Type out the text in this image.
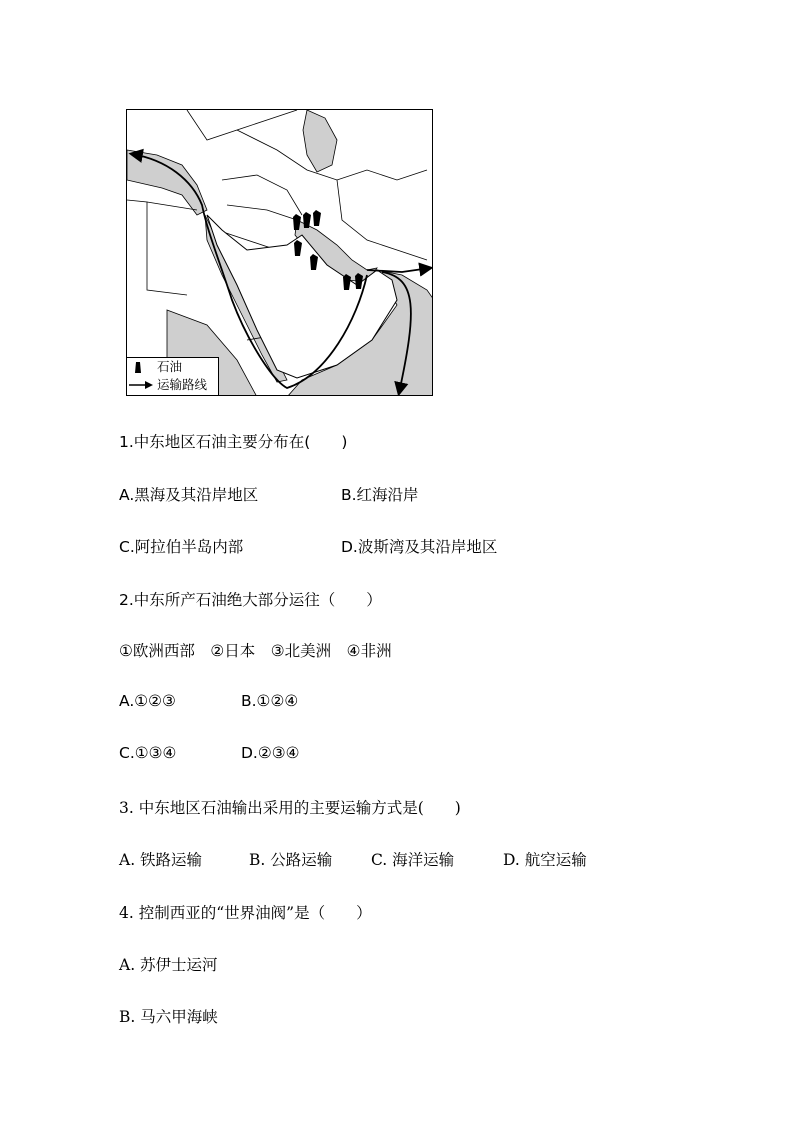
石油
运输路线
1.中东地区石油主要分布在(　　)
A.黑海及其沿岸地区	B.红海沿岸
C.阿拉伯半岛内部	D.波斯湾及其沿岸地区
2.中东所产石油绝大部分运往（　　）
①欧洲西部　②日本　③北美洲　④非洲
A.①②③	B.①②④
C.①③④	D.②③④
3. 中东地区石油输出采用的主要运输方式是(　　)
A. 铁路运输	B. 公路运输	C. 海洋运输	D. 航空运输
4. 控制西亚的“世界油阀”是（　　）
A. 苏伊士运河
B. 马六甲海峡
